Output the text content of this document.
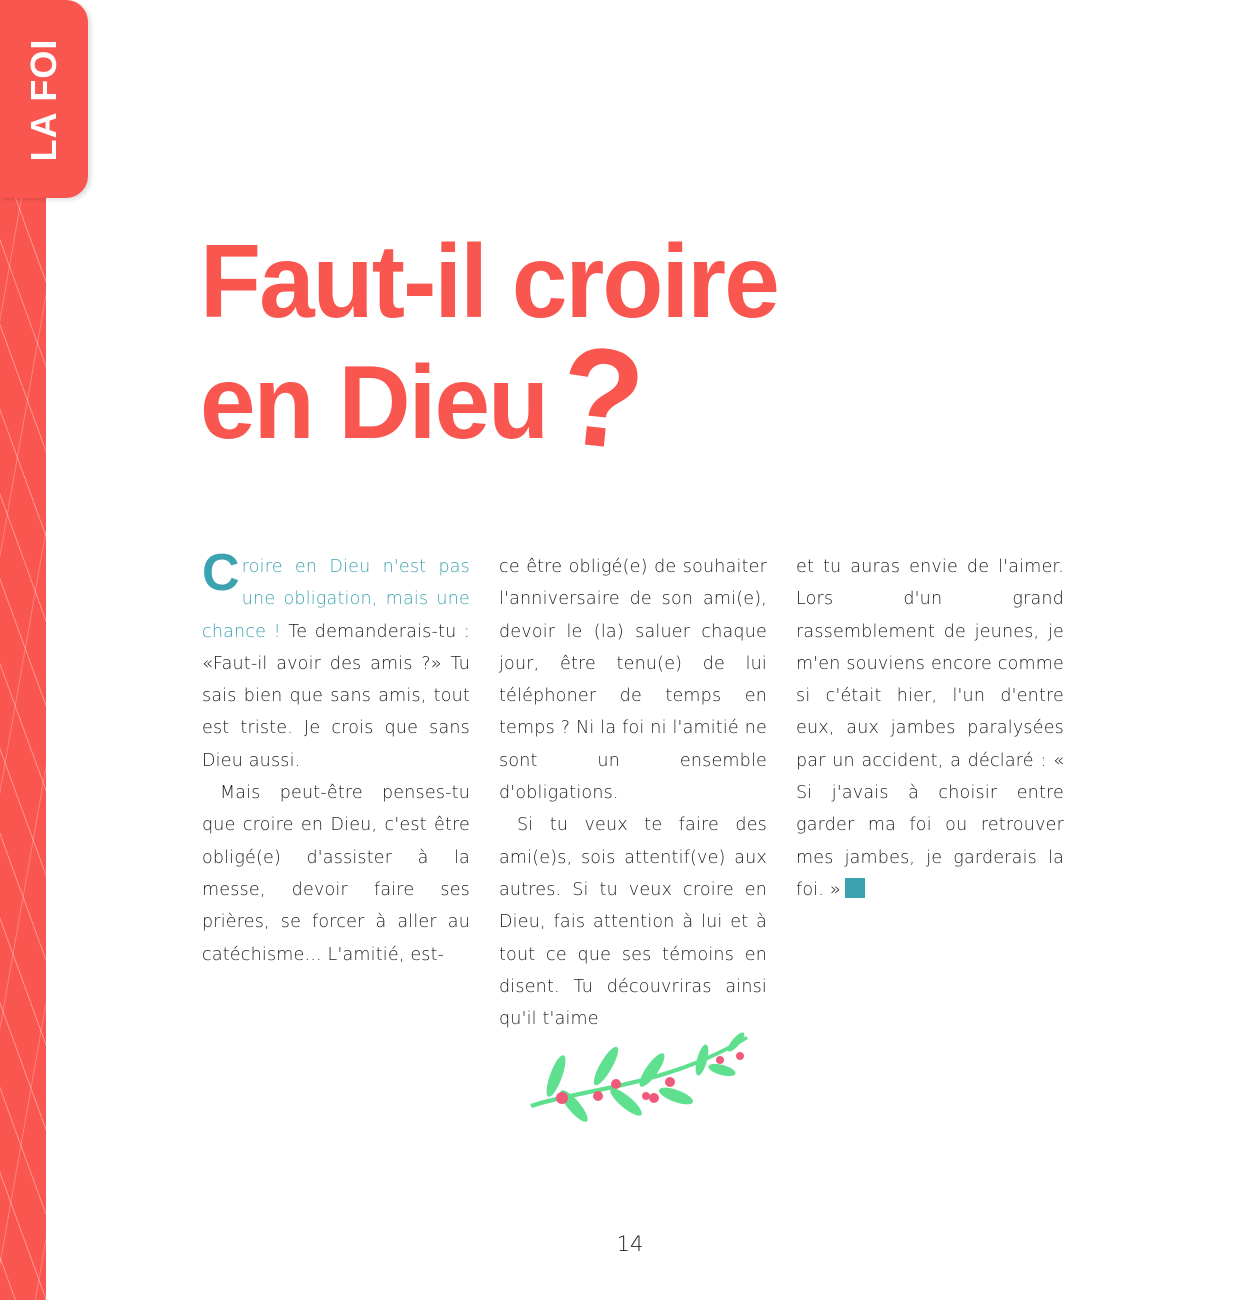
LA FOI
Faut-il croire
en Dieu?

Croire en Dieu n'est pas une obligation, mais une chance ! Te demanderais-tu : «Faut-il avoir des amis ?» Tu sais bien que sans amis, tout est triste. Je crois que sans Dieu aussi.

Mais peut-être penses-tu que croire en Dieu, c'est être obligé(e) d'assister à la messe, devoir faire ses prières, se forcer à aller au catéchisme... L'amitié, est-

ce être obligé(e) de souhaiter l'anniversaire de son ami(e), devoir le (la) saluer chaque jour, être tenu(e) de lui téléphoner de temps en temps ? Ni la foi ni l'amitié ne sont un ensemble d'obligations.

Si tu veux te faire des ami(e)s, sois attentif(ve) aux autres. Si tu veux croire en Dieu, fais attention à lui et à tout ce que ses témoins en disent. Tu découvriras ainsi qu'il t'aime

et tu auras envie de l'aimer. Lors d'un grand rassemblement de jeunes, je m'en souviens encore comme si c'était hier, l'un d'entre eux, aux jambes paralysées par un accident, a déclaré : « Si j'avais à choisir entre garder ma foi ou retrouver mes jambes, je garderais la foi. »

14
